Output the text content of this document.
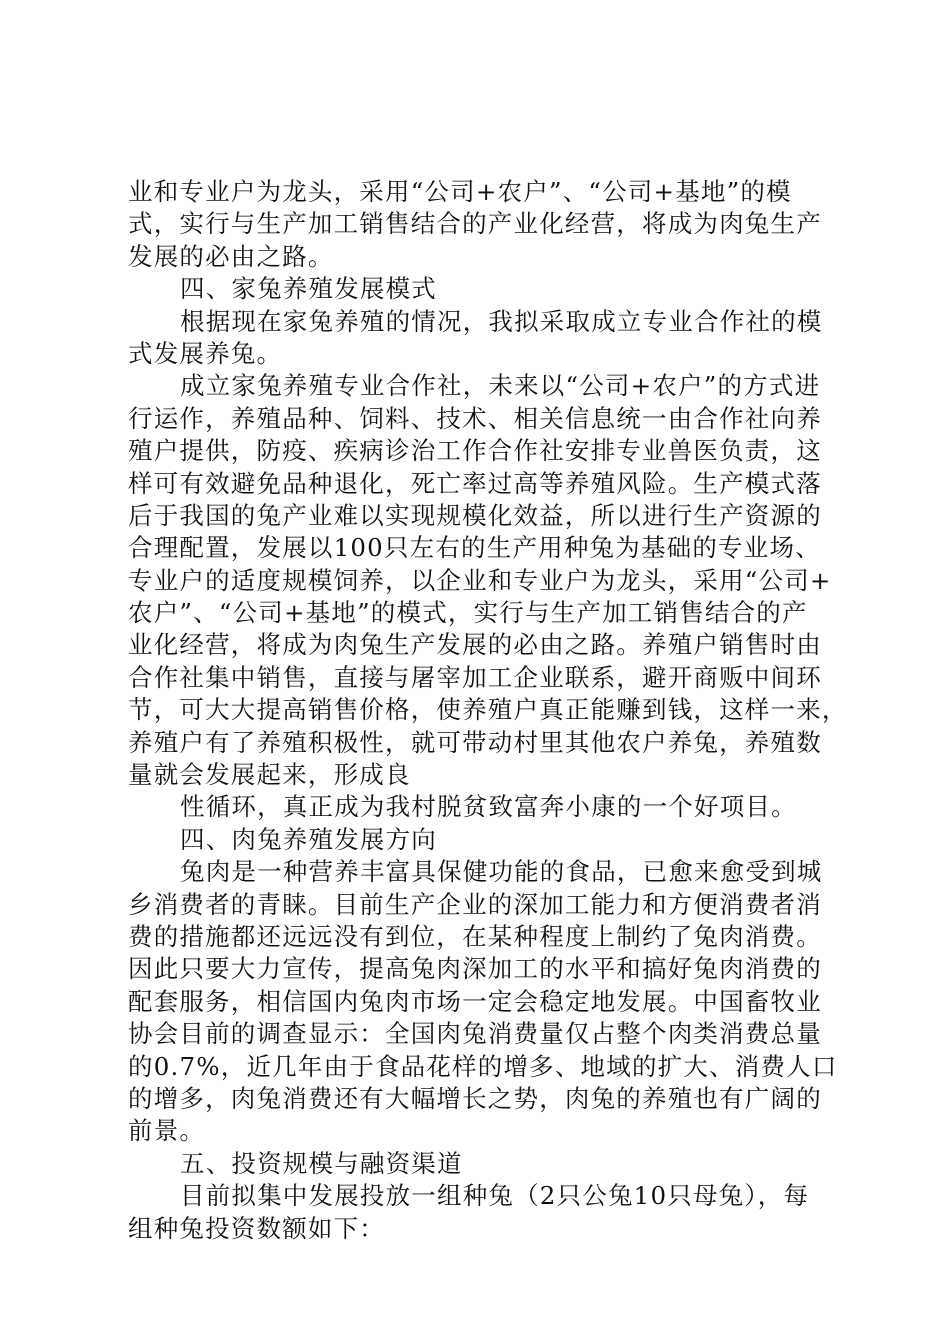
业和专业户为龙头，采用“公司+农户”、“公司+基地”的模
式，实行与生产加工销售结合的产业化经营，将成为肉兔生产
发展的必由之路。
四、家兔养殖发展模式
根据现在家兔养殖的情况，我拟采取成立专业合作社的模
式发展养兔。
成立家兔养殖专业合作社，未来以“公司+农户”的方式进
行运作，养殖品种、饲料、技术、相关信息统一由合作社向养
殖户提供，防疫、疾病诊治工作合作社安排专业兽医负责，这
样可有效避免品种退化，死亡率过高等养殖风险。生产模式落
后于我国的兔产业难以实现规模化效益，所以进行生产资源的
合理配置，发展以100只左右的生产用种兔为基础的专业场、
专业户的适度规模饲养，以企业和专业户为龙头，采用“公司+
农户”、“公司+基地”的模式，实行与生产加工销售结合的产
业化经营，将成为肉兔生产发展的必由之路。养殖户销售时由
合作社集中销售，直接与屠宰加工企业联系，避开商贩中间环
节，可大大提高销售价格，使养殖户真正能赚到钱，这样一来，
养殖户有了养殖积极性，就可带动村里其他农户养兔，养殖数
量就会发展起来，形成良
性循环，真正成为我村脱贫致富奔小康的一个好项目。
四、肉兔养殖发展方向
兔肉是一种营养丰富具保健功能的食品，已愈来愈受到城
乡消费者的青睐。目前生产企业的深加工能力和方便消费者消
费的措施都还远远没有到位，在某种程度上制约了兔肉消费。
因此只要大力宣传，提高兔肉深加工的水平和搞好兔肉消费的
配套服务，相信国内兔肉市场一定会稳定地发展。中国畜牧业
协会目前的调查显示：全国肉兔消费量仅占整个肉类消费总量
的0.7%，近几年由于食品花样的增多、地域的扩大、消费人口
的增多，肉兔消费还有大幅增长之势，肉兔的养殖也有广阔的
前景。
五、投资规模与融资渠道
目前拟集中发展投放一组种兔（2只公兔10只母兔），每
组种兔投资数额如下：
